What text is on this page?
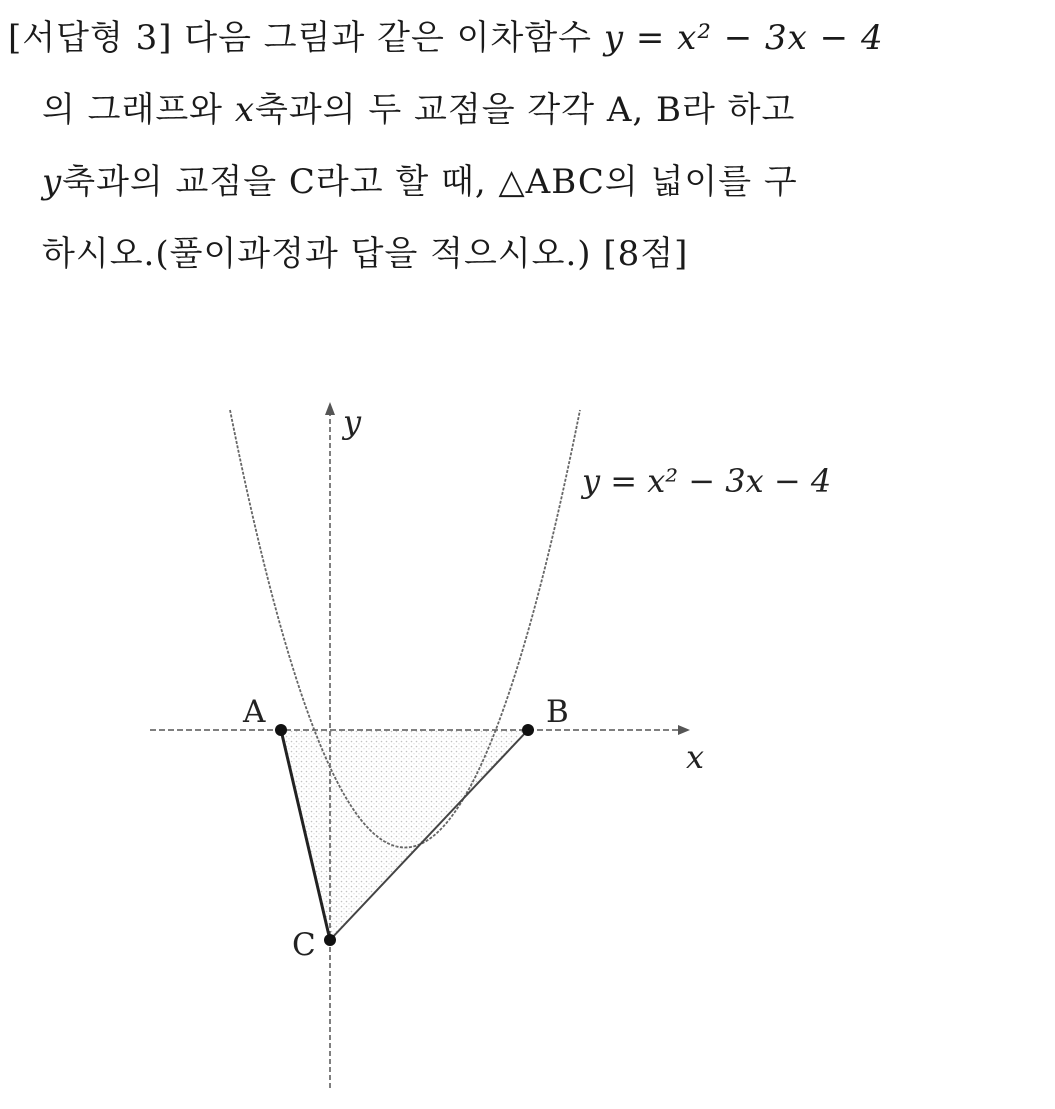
[서답형 3] 다음 그림과 같은 이차함수 y = x² − 3x − 4
의 그래프와 x축과의 두 교점을 각각 A, B라 하고
y축과의 교점을 C라고 할 때, △ABC의 넓이를 구
하시오.(풀이과정과 답을 적으시오.) [8점]
A	B
C
x
y
y = x² − 3x − 4
